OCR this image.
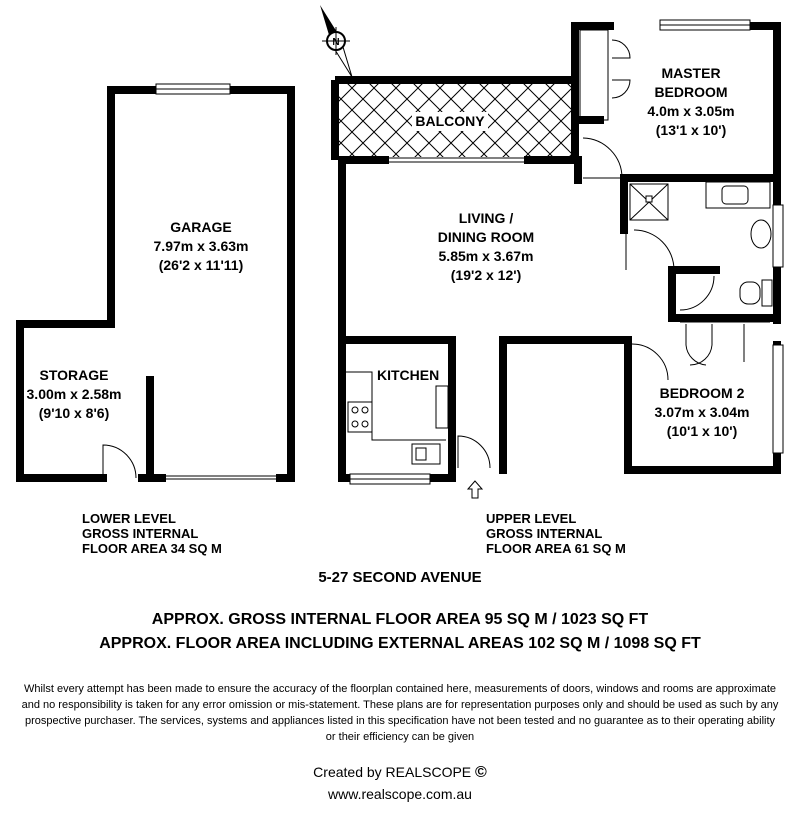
N
GARAGE
7.97m x 3.63m
(26'2 x 11'11)
STORAGE
3.00m x 2.58m
(9'10 x 8'6)
BALCONY
LIVING /
DINING ROOM
5.85m x 3.67m
(19'2 x 12')
KITCHEN
MASTER
BEDROOM
4.0m x 3.05m
(13'1 x 10')
BEDROOM 2
3.07m x 3.04m
(10'1 x 10')
LOWER LEVEL
GROSS INTERNAL
FLOOR AREA 34 SQ M
UPPER LEVEL
GROSS INTERNAL
FLOOR AREA 61 SQ M
5-27 SECOND AVENUE
APPROX. GROSS INTERNAL FLOOR AREA 95 SQ M / 1023 SQ FT
APPROX. FLOOR AREA INCLUDING EXTERNAL AREAS 102 SQ M / 1098 SQ FT
Whilst every attempt has been made to ensure the accuracy of the floorplan contained here, measurements of doors, windows and rooms are approximate and no responsibility is taken for any error omission or mis-statement. These plans are for representation purposes only and should be used as such by any prospective purchaser. The services, systems and appliances listed in this specification have not been tested and no guarantee as to their operating ability or their efficiency can be given
Created by REALSCOPE ©
www.realscope.com.au
